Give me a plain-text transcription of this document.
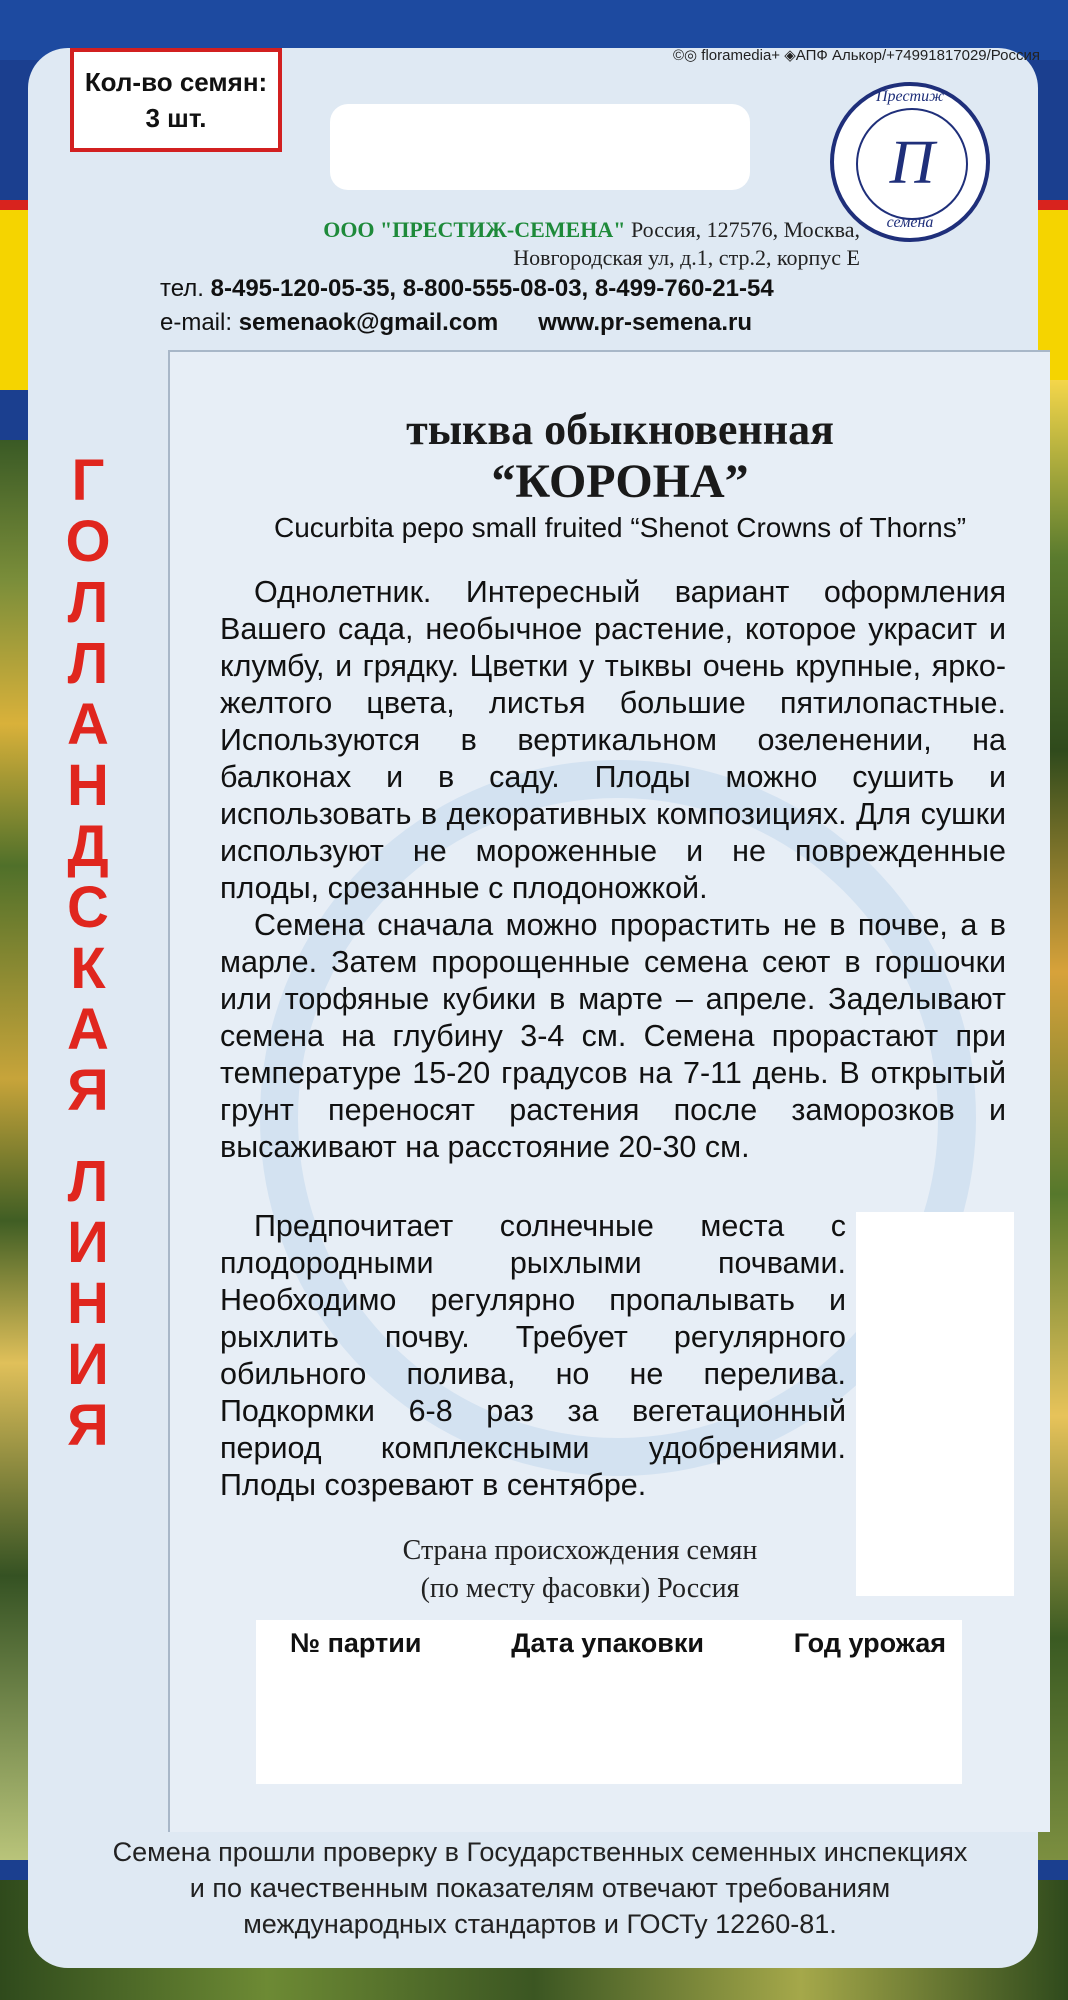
Кол-во семян:
3 шт.
©◎ floramedia+ ◈АПФ Алькор/+74991817029/Россия
Престиж
П
семена
ООО "ПРЕСТИЖ-СЕМЕНА" Россия, 127576, Москва,
Новгородская ул, д.1, стр.2, корпус Е
тел. 8-495-120-05-35, 8-800-555-08-03, 8-499-760-21-54
e-mail: semenaok@gmail.com www.pr-semena.ru
Г
О
Л
Л
А
Н
Д
С
К
А
Я
Л
И
Н
И
Я
тыква обыкновенная
“КОРОНА”
Cucurbita pepo small fruited “Shenot Crowns of Thorns”

Однолетник. Интересный вариант оформления Вашего сада, необычное растение, которое украсит и клумбу, и грядку. Цветки у тыквы очень крупные, ярко-желтого цвета, листья большие пятилопастные. Используются в вертикальном озеленении, на балконах и в саду. Плоды можно сушить и использовать в декоративных композициях. Для сушки используют не мороженные и не поврежденные плоды, срезанные с плодоножкой.

Семена сначала можно прорастить не в почве, а в марле. Затем пророщенные семена сеют в горшочки или торфяные кубики в марте – апреле. Заделывают семена на глубину 3-4 см. Семена прорастают при температуре 15-20 градусов на 7-11 день. В открытый грунт переносят растения после заморозков и высаживают на расстояние 20-30 см.

Предпочитает солнечные места с плодородными рыхлыми почвами. Необходимо регулярно пропалывать и рыхлить почву. Требует регулярного обильного полива, но не перелива. Подкормки 6-8 раз за вегетационный период комплексными удобрениями. Плоды созревают в сентябре.

Страна происхождения семян
(по месту фасовки) Россия
№ партии	Дата упаковки	Год урожая
Семена прошли проверку в Государственных семенных инспекциях
и по качественным показателям отвечают требованиям
международных стандартов и ГОСТу 12260-81.
